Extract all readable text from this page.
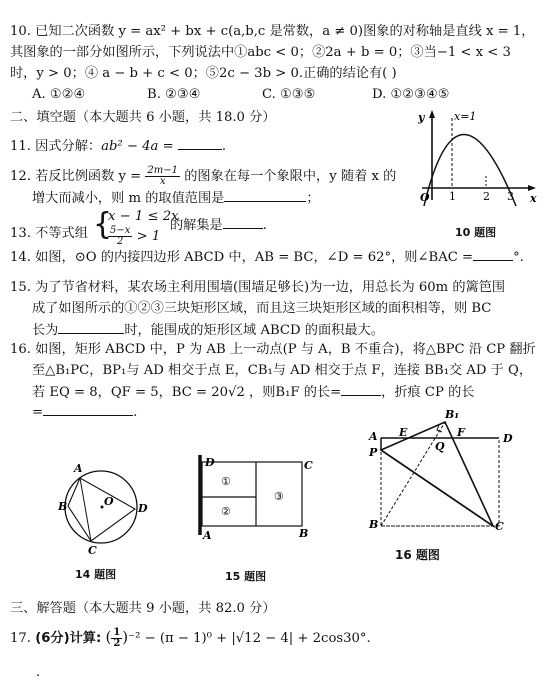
10. 已知二次函数 y = ax² + bx + c(a,b,c 是常数，a ≠ 0)图象的对称轴是直线 x = 1，
其图象的一部分如图所示，下列说法中①abc < 0；②2a + b = 0；③当−1 < x < 3
时，y > 0；④ a − b + c < 0；⑤2c − 3b > 0.正确的结论有( )
A. ①②④	B. ②③④	C. ①③⑤	D. ①②③④⑤
二、填空题（本大题共 6 小题，共 18.0 分）
11. 因式分解：ab² − 4a =	.
12. 若反比例函数 $y = \frac{2m-1}{x}$ 的图象在每一个象限中，y 随着 x 的
增大而减小，则 m 的取值范围是	；
13. 不等式组 {
x − 1 ≤ 2x
$\frac{5-x}{2} > 1$
的解集是	.
y	x=1
O 1 2 3 x
10 题图
14. 如图，⊙O 的内接四边形 ABCD 中，AB = BC，∠D = 62°，则∠BAC =	°.
15. 为了节省材料，某农场主利用围墙(围墙足够长)为一边，用总长为 60m 的篱笆围
成了如图所示的①②③三块矩形区域，而且这三块矩形区域的面积相等，则 BC
长为	时，能围成的矩形区域 ABCD 的面积最大。
16. 如图，矩形 ABCD 中，P 为 AB 上一动点(P 与 A，B 不重合)，将△BPC 沿 CP 翻折
至△B₁PC，BP₁与 AD 相交于点 E，CB₁与 AD 相交于点 F，连接 BB₁交 AD 于 Q，
若 EQ = 8，QF = 5，BC = 20√2 ，则B₁F 的长=	，折痕 CP 的长
=	.
A
B
C
D
O
14 题图
D	C
A	B
①
②
③
15 题图
B₁
A
P
E
Q
F	D
B	C
16 题图
三、解答题（本大题共 9 小题，共 82.0 分）
17. (6分)计算: ( $\frac{1}{2} )^{-2} - (\pi - 1)^0 + |√12 - 4| + 2\cos 30^\circ$.
.
